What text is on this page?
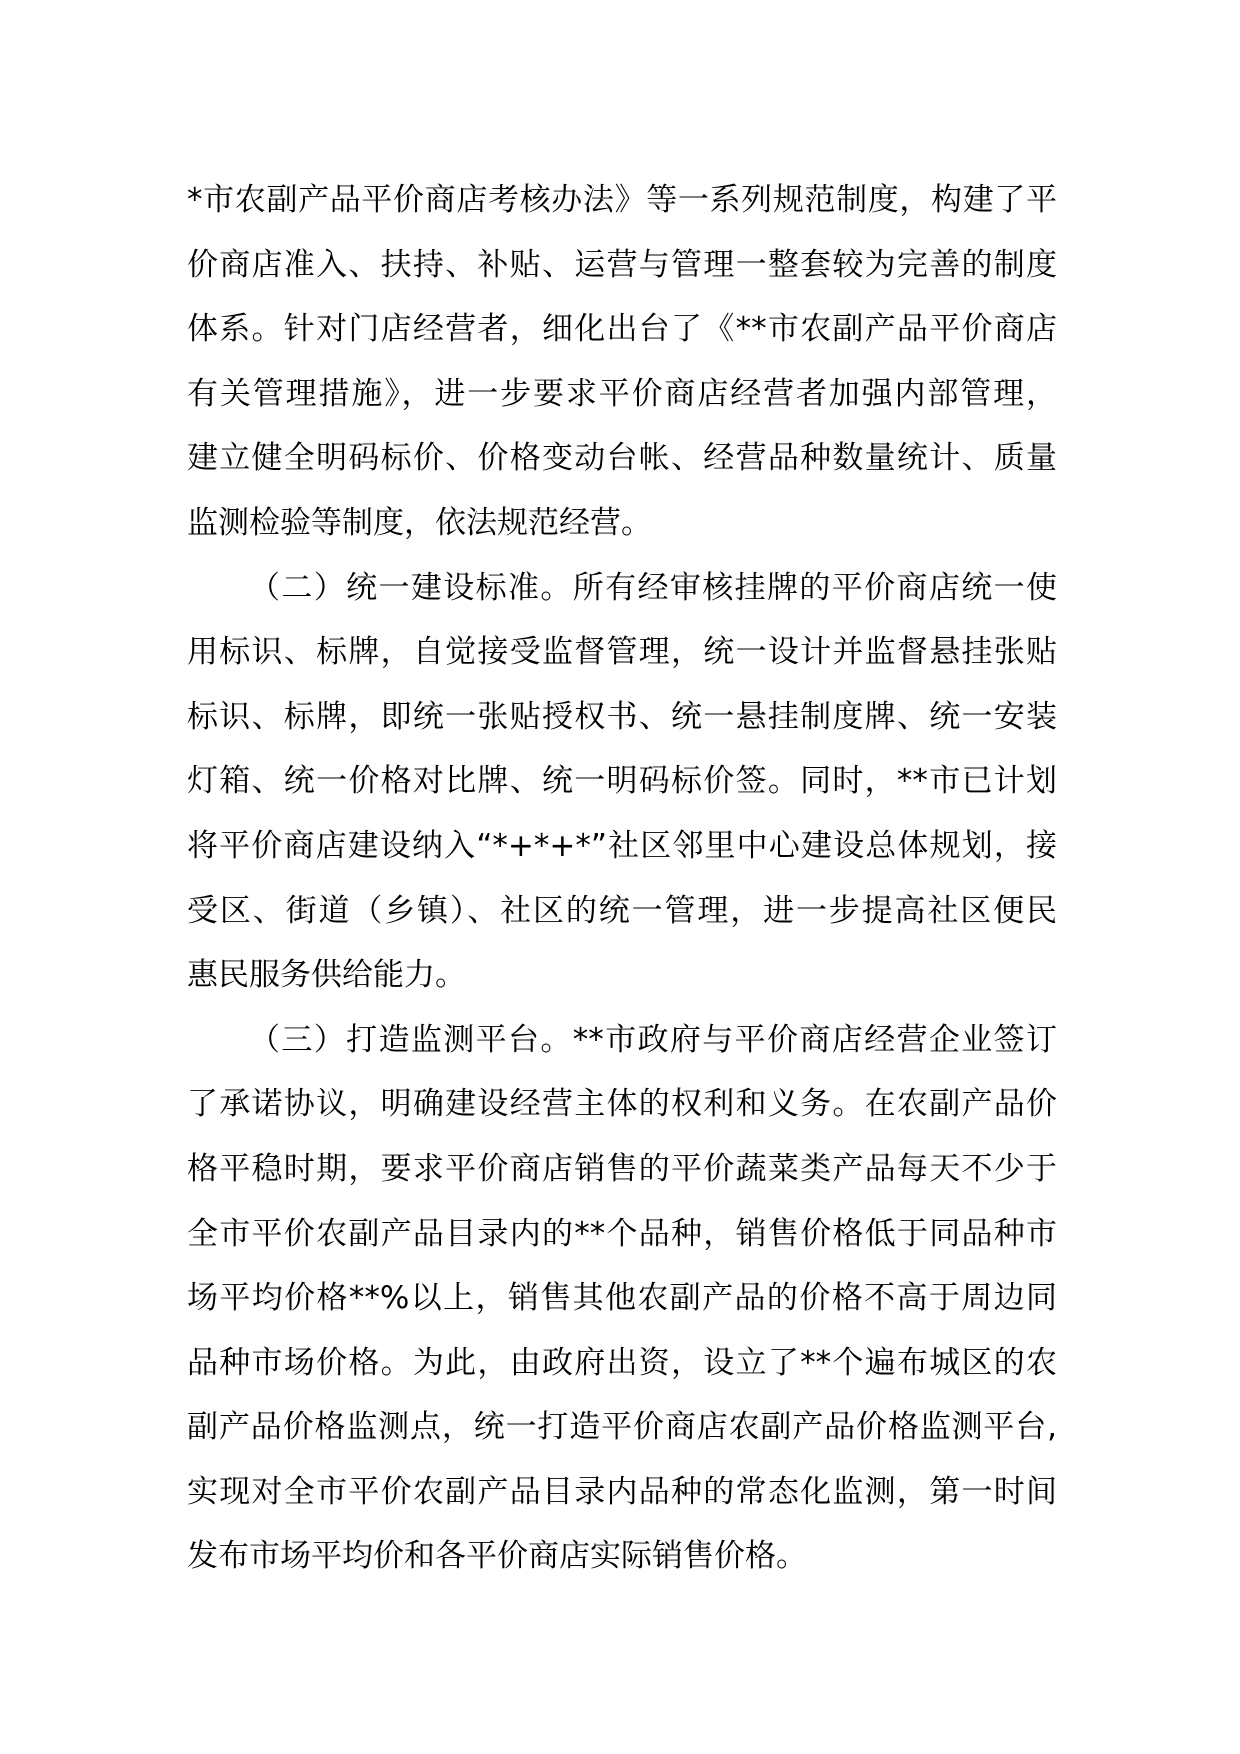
*市农副产品平价商店考核办法》等一系列规范制度，构建了平
价商店准入、扶持、补贴、运营与管理一整套较为完善的制度
体系。针对门店经营者，细化出台了《**市农副产品平价商店
有关管理措施》，进一步要求平价商店经营者加强内部管理，
建立健全明码标价、价格变动台帐、经营品种数量统计、质量
监测检验等制度，依法规范经营。
（二）统一建设标准。所有经审核挂牌的平价商店统一使
用标识、标牌，自觉接受监督管理，统一设计并监督悬挂张贴
标识、标牌，即统一张贴授权书、统一悬挂制度牌、统一安装
灯箱、统一价格对比牌、统一明码标价签。同时，**市已计划
将平价商店建设纳入“*+*+*”社区邻里中心建设总体规划，接
受区、街道（乡镇）、社区的统一管理，进一步提高社区便民
惠民服务供给能力。
（三）打造监测平台。**市政府与平价商店经营企业签订
了承诺协议，明确建设经营主体的权利和义务。在农副产品价
格平稳时期，要求平价商店销售的平价蔬菜类产品每天不少于
全市平价农副产品目录内的**个品种，销售价格低于同品种市
场平均价格**%以上，销售其他农副产品的价格不高于周边同
品种市场价格。为此，由政府出资，设立了**个遍布城区的农
副产品价格监测点，统一打造平价商店农副产品价格监测平台,
实现对全市平价农副产品目录内品种的常态化监测，第一时间
发布市场平均价和各平价商店实际销售价格。
